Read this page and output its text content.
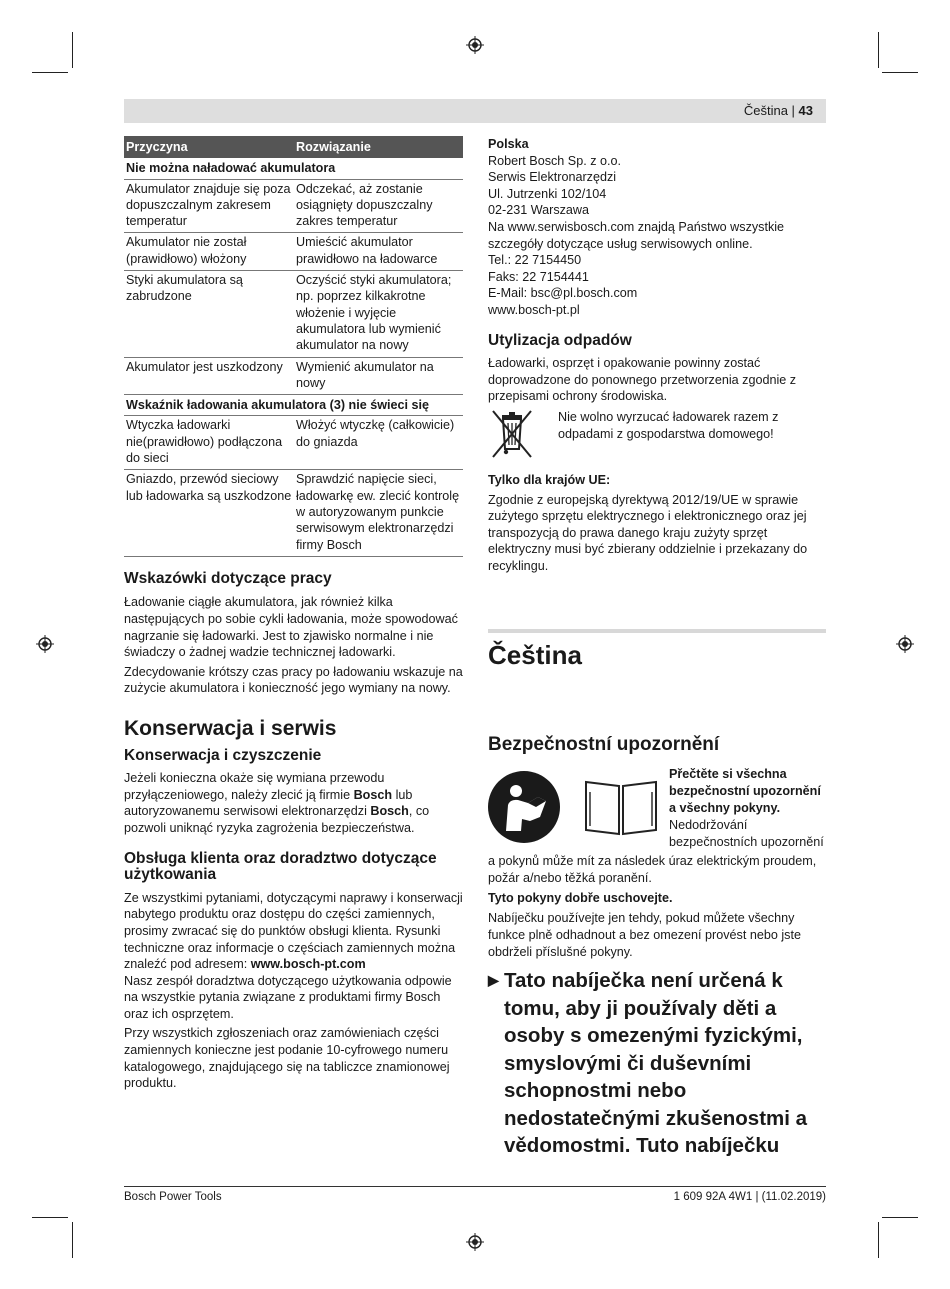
Čeština | 43
Przyczyna	Rozwiązanie
Nie można naładować akumulatora	
Akumulator znajduje się poza dopuszczalnym zakresem temperatur	Odczekać, aż zostanie osiągnięty dopuszczalny zakres temperatur
Akumulator nie został (prawidłowo) włożony	Umieścić akumulator prawidłowo na ładowarce
Styki akumulatora są zabrudzone	Oczyścić styki akumulatora; np. poprzez kilkakrotne włożenie i wyjęcie akumulatora lub wymienić akumulator na nowy
Akumulator jest uszkodzony	Wymienić akumulator na nowy
Wskaźnik ładowania akumulatora (3) nie świeci się	
Wtyczka ładowarki nie(prawidłowo) podłączona do sieci	Włożyć wtyczkę (całkowicie) do gniazda
Gniazdo, przewód sieciowy lub ładowarka są uszkodzone	Sprawdzić napięcie sieci, ładowarkę ew. zlecić kontrolę w autoryzowanym punkcie serwisowym elektronarzędzi firmy Bosch

Wskazówki dotyczące pracy

Ładowanie ciągłe akumulatora, jak również kilka następujących po sobie cykli ładowania, może spowodować nagrzanie się ładowarki. Jest to zjawisko normalne i nie świadczy o żadnej wadzie technicznej ładowarki.

Zdecydowanie krótszy czas pracy po ładowaniu wskazuje na zużycie akumulatora i konieczność jego wymiany na nowy.

Konserwacja i serwis

Konserwacja i czyszczenie

Jeżeli konieczna okaże się wymiana przewodu przyłączeniowego, należy zlecić ją firmie Bosch lub autoryzowanemu serwisowi elektronarzędzi Bosch, co pozwoli uniknąć ryzyka zagrożenia bezpieczeństwa.

Obsługa klienta oraz doradztwo dotyczące użytkowania

Ze wszystkimi pytaniami, dotyczącymi naprawy i konserwacji nabytego produktu oraz dostępu do części zamiennych, prosimy zwracać się do punktów obsługi klienta. Rysunki techniczne oraz informacje o częściach zamiennych można znaleźć pod adresem: www.bosch-pt.com

Nasz zespół doradztwa dotyczącego użytkowania odpowie na wszystkie pytania związane z produktami firmy Bosch oraz ich osprzętem.

Przy wszystkich zgłoszeniach oraz zamówieniach części zamiennych konieczne jest podanie 10-cyfrowego numeru katalogowego, znajdującego się na tabliczce znamionowej produktu.

Polska

Robert Bosch Sp. z o.o.

Serwis Elektronarzędzi

Ul. Jutrzenki 102/104

02-231 Warszawa

Na www.serwisbosch.com znajdą Państwo wszystkie szczegóły dotyczące usług serwisowych online.

Tel.: 22 7154450

Faks: 22 7154441

E-Mail: bsc@pl.bosch.com

www.bosch-pt.pl

Utylizacja odpadów

Ładowarki, osprzęt i opakowanie powinny zostać doprowadzone do ponownego przetworzenia zgodnie z przepisami ochrony środowiska.

Nie wolno wyrzucać ładowarek razem z odpadami z gospodarstwa domowego!

Tylko dla krajów UE:

Zgodnie z europejską dyrektywą 2012/19/UE w sprawie zużytego sprzętu elektrycznego i elektronicznego oraz jej transpozycją do prawa danego kraju zużyty sprzęt elektryczny musi być zbierany oddzielnie i przekazany do recyklingu.

Čeština

Bezpečnostní upozornění

Přečtěte si všechna bezpečnostní upozornění a všechny pokyny.

Nedodržování

bezpečnostních upozornění

a pokynů může mít za následek úraz elektrickým proudem, požár a/nebo těžká poranění.

Tyto pokyny dobře uschovejte.

Nabíječku používejte jen tehdy, pokud můžete všechny funkce plně odhadnout a bez omezení provést nebo jste obdrželi příslušné pokyny.

▶ Tato nabíječka není určená k tomu, aby ji používaly děti a osoby s omezenými fyzickými, smyslovými či duševními schopnostmi nebo nedostatečnými zkušenostmi a vědomostmi. Tuto nabíječku

Bosch Power Tools	1 609 92A 4W1 | (11.02.2019)
